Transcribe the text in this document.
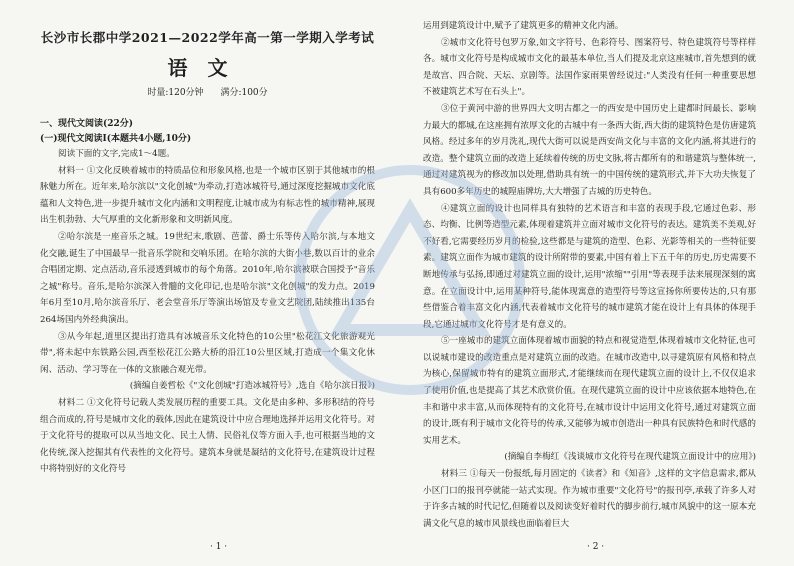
长沙市长郡中学2021—2022学年高一第一学期入学考试
语文
时量:120分钟 满分:100分
一、现代文阅读(22分)
(一)现代文阅读Ⅰ(本题共4小题,10分)

阅读下面的文字,完成1～4题。

材料一 ①文化反映着城市的特质品位和形象风格,也是一个城市区别于其他城市的根脉魅力所在。近年来,哈尔滨以"文化创城"为牵动,打造冰城符号,通过深度挖掘城市文化底蕴和人文特色,进一步提升城市文化内涵和文明程度,让城市成为有标志性的城市精神,展现出生机勃勃、大气厚重的文化新形象和文明新风度。

②哈尔滨是一座音乐之城。19世纪末,歌剧、芭蕾、爵士乐等传入哈尔滨,与本地文化交融,诞生了中国最早一批音乐学院和交响乐团。在哈尔滨的大街小巷,数以百计的业余合唱团定期、定点活动,音乐浸透到城市的每个角落。2010年,哈尔滨被联合国授予"音乐之城"称号。音乐,是哈尔滨深入骨髓的文化印记,也是哈尔滨"文化创城"的发力点。2019年6月至10月,哈尔滨音乐厅、老会堂音乐厅等演出场馆及专业文艺院团,陆续推出135台264场国内外经典演出。

③从今年起,道里区提出打造具有冰城音乐文化特色的10公里"松花江文化旅游观光带",将未起中东铁路公园,西至松花江公路大桥的沿江10公里区域,打造成一个集文化休闲、活动、学习等在一体的文旅融合观光带。

(摘编自姜哲松《"文化创城"打造冰城符号》,选自《哈尔滨日报》)

材料二 ①文化符号记载人类发展历程的重要工具。文化是由多种、多形积结的符号组合而成的,符号是城市文化的载体,因此在建筑设计中应合理地选择并运用文化符号。对于文化符号的提取可以从当地文化、民土人情、民俗礼仪等方面入手,也可根据当地的文化传统,深入挖掘其有代表性的文化符号。建筑本身就是凝结的文化符号,在建筑设计过程中将特别好的文化符号

· 1 ·

运用到建筑设计中,赋予了建筑更多的精神文化内涵。

②城市文化符号包罗万象,如文字符号、色彩符号、图案符号、特色建筑符号等样样各。城市文化符号是构成城市文化的最基本单位,当人们提及北京这座城市,首先想到的就是故宫、四合院、天坛、京剧等。法国作家雨果曾经说过:"人类没有任何一种重要思想不被建筑艺术写在石头上"。

③位于黄河中游的世界四大文明古都之一的西安是中国历史上建都时间最长、影响力最大的都城,在这座拥有浓厚文化的古城中有一条西大街,西大街的建筑特色是仿唐建筑风格。经过多年的岁月洗礼,现代大街可以说是西安尚文化与丰富的文化内涵,将其进行的改造。整个建筑立面的改造上延续着传统的历史文脉,将古都所有的和谐建筑与整体统一,通过对建筑视为的修改加以处理,借助具有统一的中国传统的建筑形式,并下大功夫恢复了具有600多年历史的城隍庙牌坊,大大增强了古城的历史特色。

④建筑立面的设计也同样具有独特的艺术语言和丰富的表现手段,它通过色彩、形态、均衡、比例等造型元素,体现着建筑并立面对城市文化符号的表达。建筑美不美观,好不好看,它需要经历岁月的检验,这些都是与建筑的造型、色彩、光影等相关的一些特征要素。建筑立面作为城市建筑的设计所附带的要素,中国有着上下五千年的历史,历史需要不断地传承与弘扬,即通过对建筑立面的设计,运用"浓缩""引用"等表现手法来展现深刻的寓意。在立面设计中,运用某种符号,能体现寓意的造型符号等这宣扬你所要传达的,只有那些借鉴合着丰富文化内涵,代表着城市文化符号的城市建筑才能在设计上有具体的体现手段,它通过城市文化符号才是有意义的。

⑤一座城市的建筑立面体现着城市面貌的特点和视觉造型,体现着城市文化特征,也可以说城市建设的改造重点是对建筑立面的改造。在城市改造中,以寻建筑原有风格和特点为核心,保留城市特有的建筑立面形式,才能继续而在现代建筑立面的设计上,不仅仅追求了使用价值,也是提高了其艺术欣赏价值。在现代建筑立面的设计中应该依据本地特色,在丰和谐中求丰富,从而体现特有的文化符号,在城市设计中运用文化符号,通过对建筑立面的设计,既有利于城市文化符号的传承,又能够为城市创造出一种具有民族特色和时代感的实用艺术。

(摘编自李梅红《浅谈城市文化符号在现代建筑立面设计中的应用》)

材料三 ①每天一份报纸,每月固定的《读者》和《知音》,这样的文字信息需求,都从小区门口的报刊亭就能一站式实现。作为城市重要"文化符号"的报刊亭,承载了许多人对于许多古城的时代记忆,但随着以及阅读变好着时代的脚步前行,城市风貌中的这一原本充满文化气息的城市风景线也面临着巨大

· 2 ·
